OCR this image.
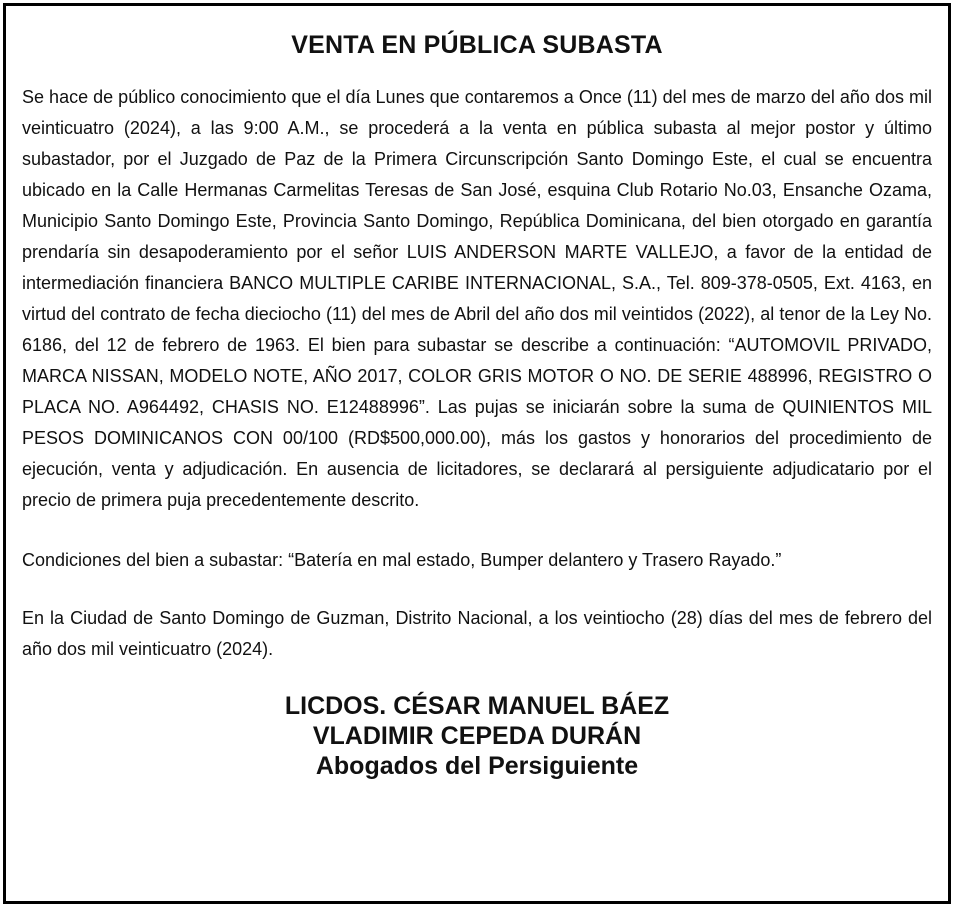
VENTA EN PÚBLICA SUBASTA

Se hace de público conocimiento que el día Lunes que contaremos a Once (11) del mes de marzo del año dos mil veinticuatro (2024), a las 9:00 A.M., se procederá a la venta en pública subasta al mejor postor y último subastador, por el Juzgado de Paz de la Primera Circunscripción Santo Domingo Este, el cual se encuentra ubicado en la Calle Hermanas Carmelitas Teresas de San José, esquina Club Rotario No.03, Ensanche Ozama, Municipio Santo Domingo Este, Provincia Santo Domingo, República Dominicana, del bien otorgado en garantía prendaría sin desapoderamiento por el señor LUIS ANDERSON MARTE VALLEJO, a favor de la entidad de intermediación financiera BANCO MULTIPLE CARIBE INTERNACIONAL, S.A., Tel. 809-378-0505, Ext. 4163, en virtud del contrato de fecha dieciocho (11) del mes de Abril del año dos mil veintidos (2022), al tenor de la Ley No. 6186, del 12 de febrero de 1963. El bien para subastar se describe a continuación: “AUTOMOVIL PRIVADO, MARCA NISSAN, MODELO NOTE, AÑO 2017, COLOR GRIS MOTOR O NO. DE SERIE 488996, REGISTRO O PLACA NO. A964492, CHASIS NO. E12488996”. Las pujas se iniciarán sobre la suma de QUINIENTOS MIL PESOS DOMINICANOS CON 00/100 (RD$500,000.00), más los gastos y honorarios del procedimiento de ejecución, venta y adjudicación. En ausencia de licitadores, se declarará al persiguiente adjudicatario por el precio de primera puja precedentemente descrito.

Condiciones del bien a subastar: “Batería en mal estado, Bumper delantero y Trasero Rayado.”

En la Ciudad de Santo Domingo de Guzman, Distrito Nacional, a los veintiocho (28) días del mes de febrero del año dos mil veinticuatro (2024).

LICDOS. CÉSAR MANUEL BÁEZ
VLADIMIR CEPEDA DURÁN
Abogados del Persiguiente
